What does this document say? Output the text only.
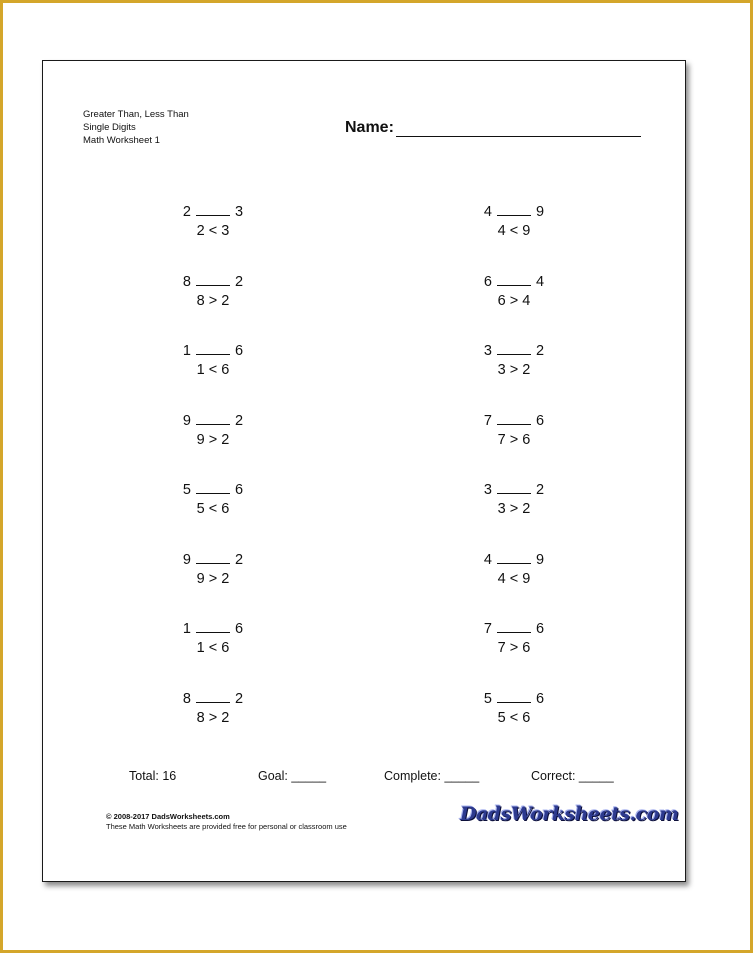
Greater Than, Less Than
Single Digits
Math Worksheet 1
Name:
2	3
2 < 3
8	2
8 > 2
1	6
1 < 6
9	2
9 > 2
5	6
5 < 6
9	2
9 > 2
1	6
1 < 6
8	2
8 > 2
4	9
4 < 9
6	4
6 > 4
3	2
3 > 2
7	6
7 > 6
3	2
3 > 2
4	9
4 < 9
7	6
7 > 6
5	6
5 < 6
Total: 16	Goal: _____	Complete: _____	Correct: _____
© 2008-2017 DadsWorksheets.com
These Math Worksheets are provided free for personal or classroom use
DadsWorksheets.com
